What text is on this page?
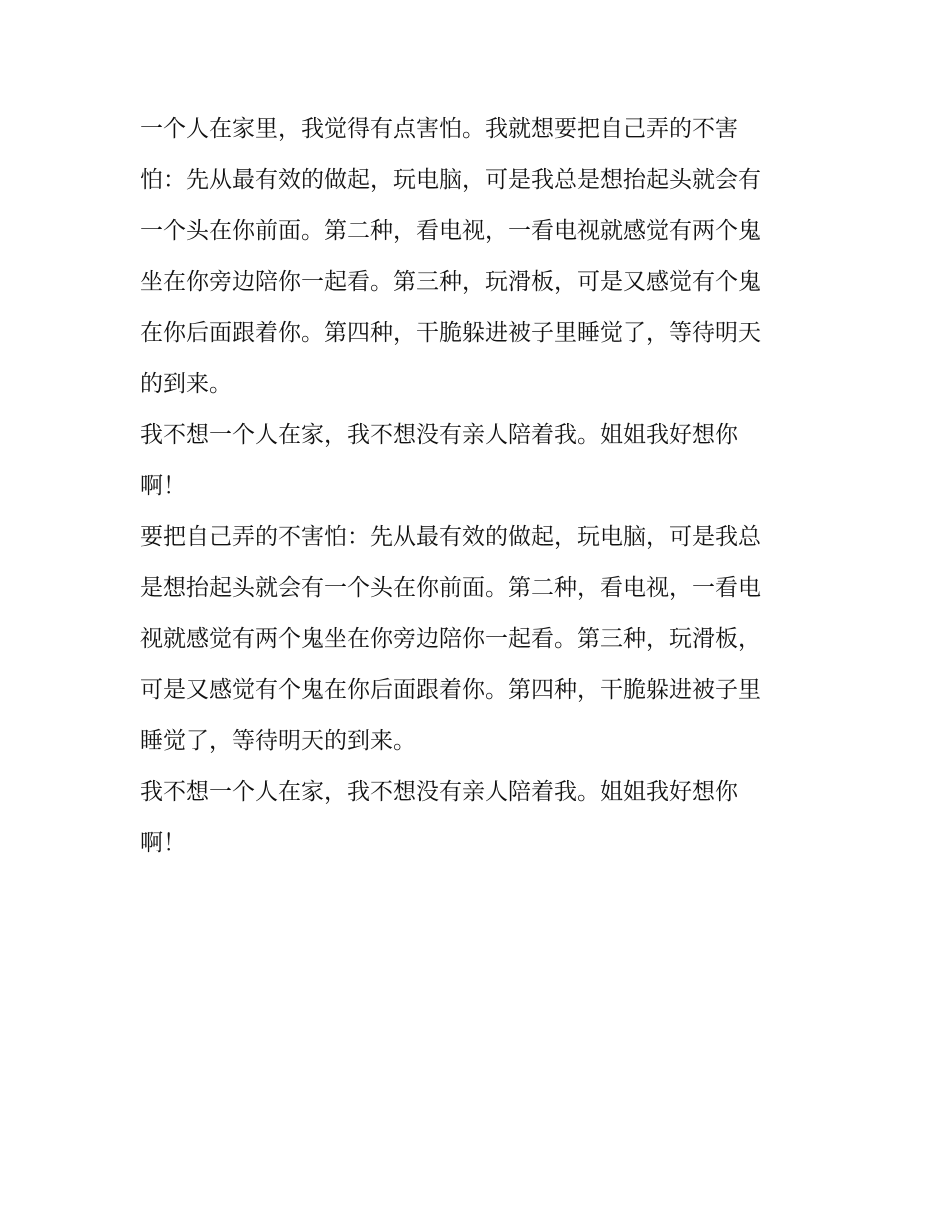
一个人在家里，我觉得有点害怕。我就想要把自己弄的不害
怕：先从最有效的做起，玩电脑，可是我总是想抬起头就会有
一个头在你前面。第二种，看电视，一看电视就感觉有两个鬼
坐在你旁边陪你一起看。第三种，玩滑板，可是又感觉有个鬼
在你后面跟着你。第四种，干脆躲进被子里睡觉了，等待明天
的到来。
我不想一个人在家，我不想没有亲人陪着我。姐姐我好想你
啊！
要把自己弄的不害怕：先从最有效的做起，玩电脑，可是我总
是想抬起头就会有一个头在你前面。第二种，看电视，一看电
视就感觉有两个鬼坐在你旁边陪你一起看。第三种，玩滑板，
可是又感觉有个鬼在你后面跟着你。第四种，干脆躲进被子里
睡觉了，等待明天的到来。
我不想一个人在家，我不想没有亲人陪着我。姐姐我好想你
啊！
